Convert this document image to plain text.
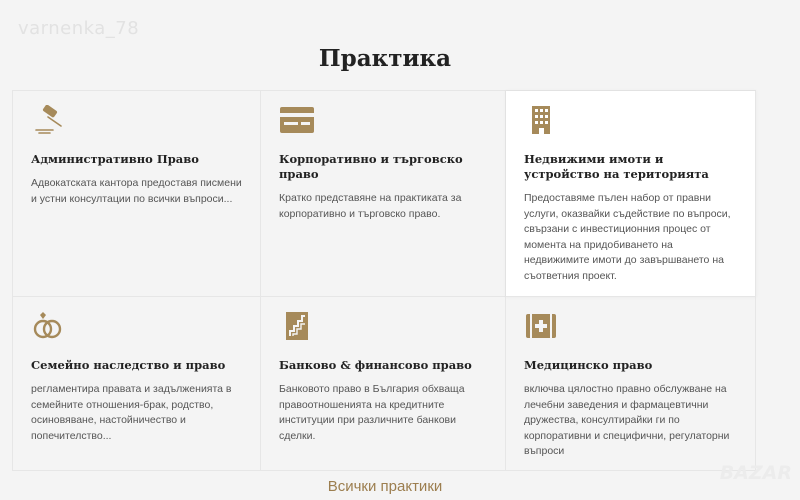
varnenka_78
Практика
Административно Право
Адвокатската кантора предоставя писмени и устни консултации по всички въпроси...
Корпоративно и търговско право
Кратко представяне на практиката за корпоративно и търговско право.
Недвижими имоти и устройство на територията
Предоставяме пълен набор от правни услуги, оказвайки съдействие по въпроси, свързани с инвестиционния процес от момента на придобиването на недвижимите имоти до завършването на съответния проект.
Семейно наследство и право
регламентира правата и задълженията в семейните отношения-брак, родство, осиновяване, настойничество и попечителство...
Банково & финансово право
Банковото право в България обхваща правоотношенията на кредитните институции при различните банкови сделки.
Медицинско право
включва цялостно правно обслужване на лечебни заведения и фармацевтични дружества, консултирайки ги по корпоративни и специфични, регулаторни въпроси
Всички практики
BAZAR
